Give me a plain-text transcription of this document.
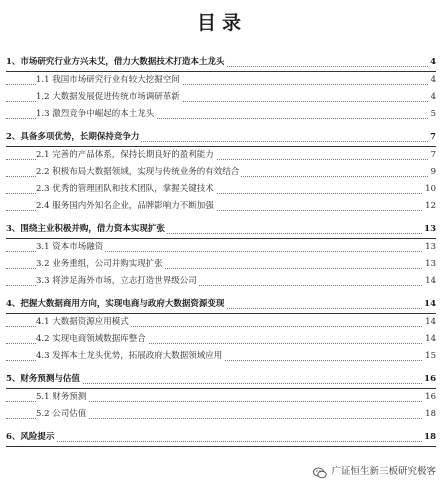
目录
1、市场研究行业方兴未艾，借力大数据技术打造本土龙头	4
1.1 我国市场研究行业有较大挖掘空间	4
1.2 大数据发展促进传统市场调研革新	4
1.3 激烈竞争中崛起的本土龙头	5
2、具备多项优势，长期保持竞争力	7
2.1 完善的产品体系，保持长期良好的盈利能力	7
2.2 积极布局大数据领域，实现与传统业务的有效结合	9
2.3 优秀的管理团队和技术团队，掌握关键技术	10
2.4 服务国内外知名企业，品牌影响力不断加强	12
3、围绕主业积极并购，借力资本实现扩张	13
3.1 资本市场融资	13
3.2 业务重组，公司并购实现扩张	13
3.3 将涉足海外市场，立志打造世界级公司	14
4、把握大数据商用方向，实现电商与政府大数据资源变现	14
4.1 大数据资源应用模式	14
4.2 实现电商领域数据库整合	14
4.3 发挥本土龙头优势，拓展政府大数据领域应用	15
5、财务预测与估值	16
5.1 财务预测	16
5.2 公司估值	18
6、风险提示	18
广证恒生新三板研究极客
